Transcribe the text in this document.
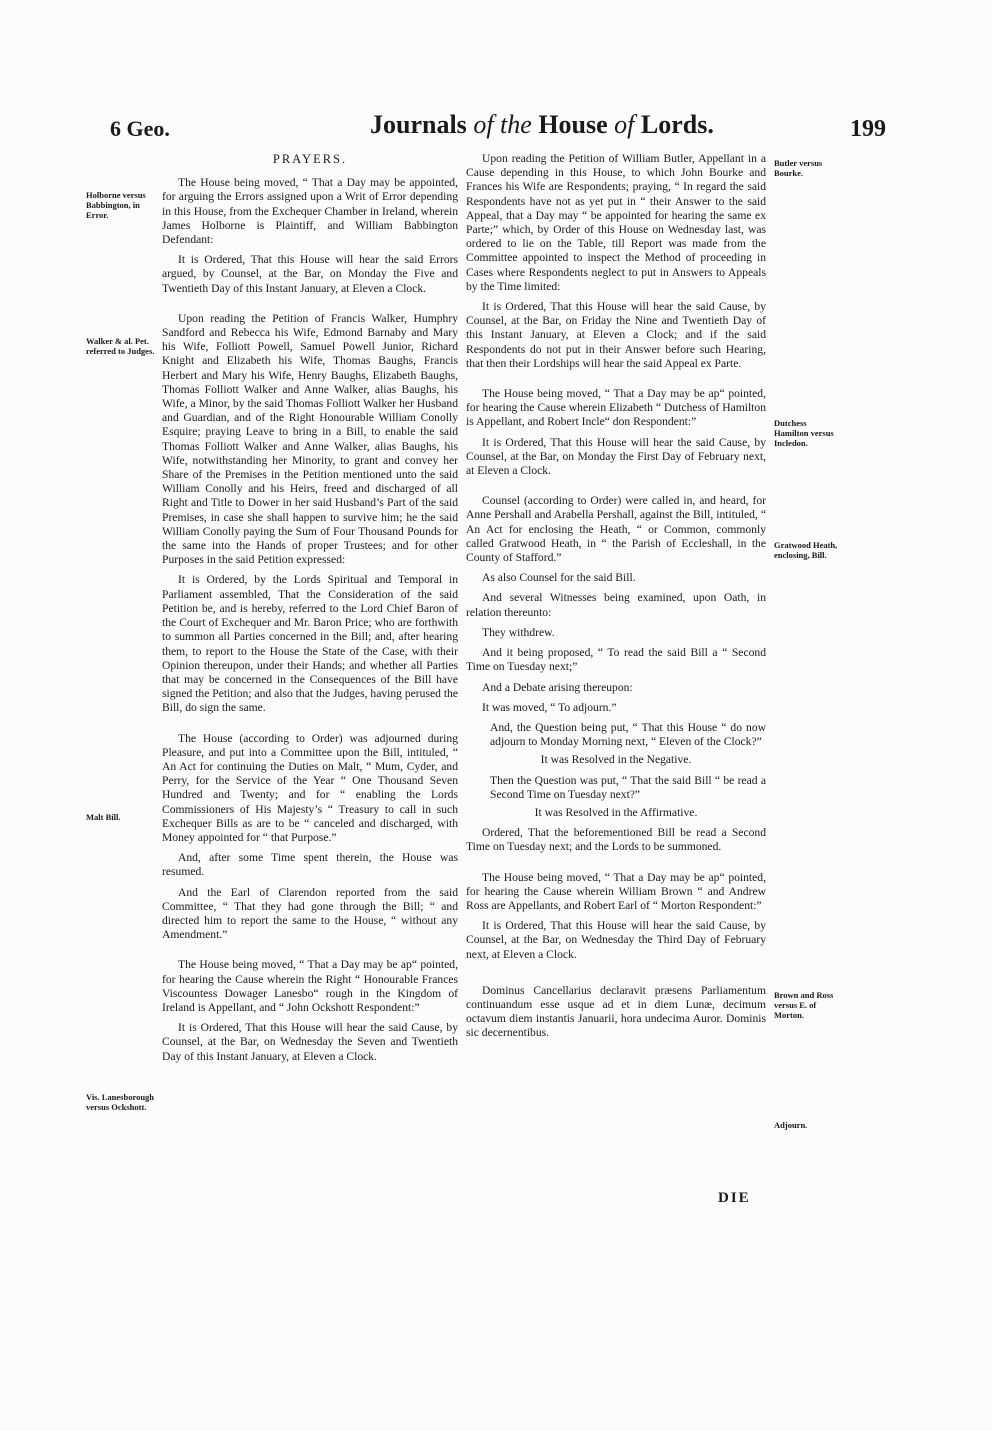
6 Geo.	Journals of the House of Lords.	199
Holborne versus Babbington, in Error.
Walker & al. Pet. referred to Judges.
Malt Bill.
Vis. Lanesborough versus Ockshott.
Butler versus Bourke.
Dutchess Hamilton versus Incledon.
Gratwood Heath, enclosing, Bill.
Brown and Ross versus E. of Morton.
Adjourn.
PRAYERS.

The House being moved, “ That a Day may be appointed, for arguing the Errors assigned upon a Writ of Error depending in this House, from the Exchequer Chamber in Ireland, wherein James Holborne is Plaintiff, and William Babbington Defendant:

It is Ordered, That this House will hear the said Errors argued, by Counsel, at the Bar, on Monday the Five and Twentieth Day of this Instant January, at Eleven a Clock.

Upon reading the Petition of Francis Walker, Humphry Sandford and Rebecca his Wife, Edmond Barnaby and Mary his Wife, Folliott Powell, Samuel Powell Junior, Richard Knight and Elizabeth his Wife, Thomas Baughs, Francis Herbert and Mary his Wife, Henry Baughs, Elizabeth Baughs, Thomas Folliott Walker and Anne Walker, alias Baughs, his Wife, a Minor, by the said Thomas Folliott Walker her Husband and Guardian, and of the Right Honourable William Conolly Esquire; praying Leave to bring in a Bill, to enable the said Thomas Folliott Walker and Anne Walker, alias Baughs, his Wife, notwithstanding her Minority, to grant and convey her Share of the Premises in the Petition mentioned unto the said William Conolly and his Heirs, freed and discharged of all Right and Title to Dower in her said Husband’s Part of the said Premises, in case she shall happen to survive him; he the said William Conolly paying the Sum of Four Thousand Pounds for the same into the Hands of proper Trustees; and for other Purposes in the said Petition expressed:

It is Ordered, by the Lords Spiritual and Temporal in Parliament assembled, That the Consideration of the said Petition be, and is hereby, referred to the Lord Chief Baron of the Court of Exchequer and Mr. Baron Price; who are forthwith to summon all Parties concerned in the Bill; and, after hearing them, to report to the House the State of the Case, with their Opinion thereupon, under their Hands; and whether all Parties that may be concerned in the Consequences of the Bill have signed the Petition; and also that the Judges, having perused the Bill, do sign the same.

The House (according to Order) was adjourned during Pleasure, and put into a Committee upon the Bill, intituled, “ An Act for continuing the Duties on Malt, “ Mum, Cyder, and Perry, for the Service of the Year “ One Thousand Seven Hundred and Twenty; and for “ enabling the Lords Commissioners of His Majesty’s “ Treasury to call in such Exchequer Bills as are to be “ canceled and discharged, with Money appointed for “ that Purpose.”

And, after some Time spent therein, the House was resumed.

And the Earl of Clarendon reported from the said Committee, “ That they had gone through the Bill; “ and directed him to report the same to the House, “ without any Amendment.”

The House being moved, “ That a Day may be ap“ pointed, for hearing the Cause wherein the Right “ Honourable Frances Viscountess Dowager Lanesbo“ rough in the Kingdom of Ireland is Appellant, and “ John Ockshott Respondent:”

It is Ordered, That this House will hear the said Cause, by Counsel, at the Bar, on Wednesday the Seven and Twentieth Day of this Instant January, at Eleven a Clock.

Upon reading the Petition of William Butler, Appellant in a Cause depending in this House, to which John Bourke and Frances his Wife are Respondents; praying, “ In regard the said Respondents have not as yet put in “ their Answer to the said Appeal, that a Day may “ be appointed for hearing the same ex Parte;” which, by Order of this House on Wednesday last, was ordered to lie on the Table, till Report was made from the Committee appointed to inspect the Method of proceeding in Cases where Respondents neglect to put in Answers to Appeals by the Time limited:

It is Ordered, That this House will hear the said Cause, by Counsel, at the Bar, on Friday the Nine and Twentieth Day of this Instant January, at Eleven a Clock; and if the said Respondents do not put in their Answer before such Hearing, that then their Lordships will hear the said Appeal ex Parte.

The House being moved, “ That a Day may be ap“ pointed, for hearing the Cause wherein Elizabeth “ Dutchess of Hamilton is Appellant, and Robert Incle“ don Respondent:”

It is Ordered, That this House will hear the said Cause, by Counsel, at the Bar, on Monday the First Day of February next, at Eleven a Clock.

Counsel (according to Order) were called in, and heard, for Anne Pershall and Arabella Pershall, against the Bill, intituled, “ An Act for enclosing the Heath, “ or Common, commonly called Gratwood Heath, in “ the Parish of Eccleshall, in the County of Stafford.”

As also Counsel for the said Bill.

And several Witnesses being examined, upon Oath, in relation thereunto:

They withdrew.

And it being proposed, “ To read the said Bill a “ Second Time on Tuesday next;”

And a Debate arising thereupon:

It was moved, “ To adjourn.”

And, the Question being put, “ That this House “ do now adjourn to Monday Morning next, “ Eleven of the Clock?”

It was Resolved in the Negative.

Then the Question was put, “ That the said Bill “ be read a Second Time on Tuesday next?”

It was Resolved in the Affirmative.

Ordered, That the beforementioned Bill be read a Second Time on Tuesday next; and the Lords to be summoned.

The House being moved, “ That a Day may be ap“ pointed, for hearing the Cause wherein William Brown “ and Andrew Ross are Appellants, and Robert Earl of “ Morton Respondent:”

It is Ordered, That this House will hear the said Cause, by Counsel, at the Bar, on Wednesday the Third Day of February next, at Eleven a Clock.

Dominus Cancellarius declaravit præsens Parliamentum continuandum esse usque ad et in diem Lunæ, decimum octavum diem instantis Januarii, hora undecima Auror. Dominis sic decernentibus.

DIE
